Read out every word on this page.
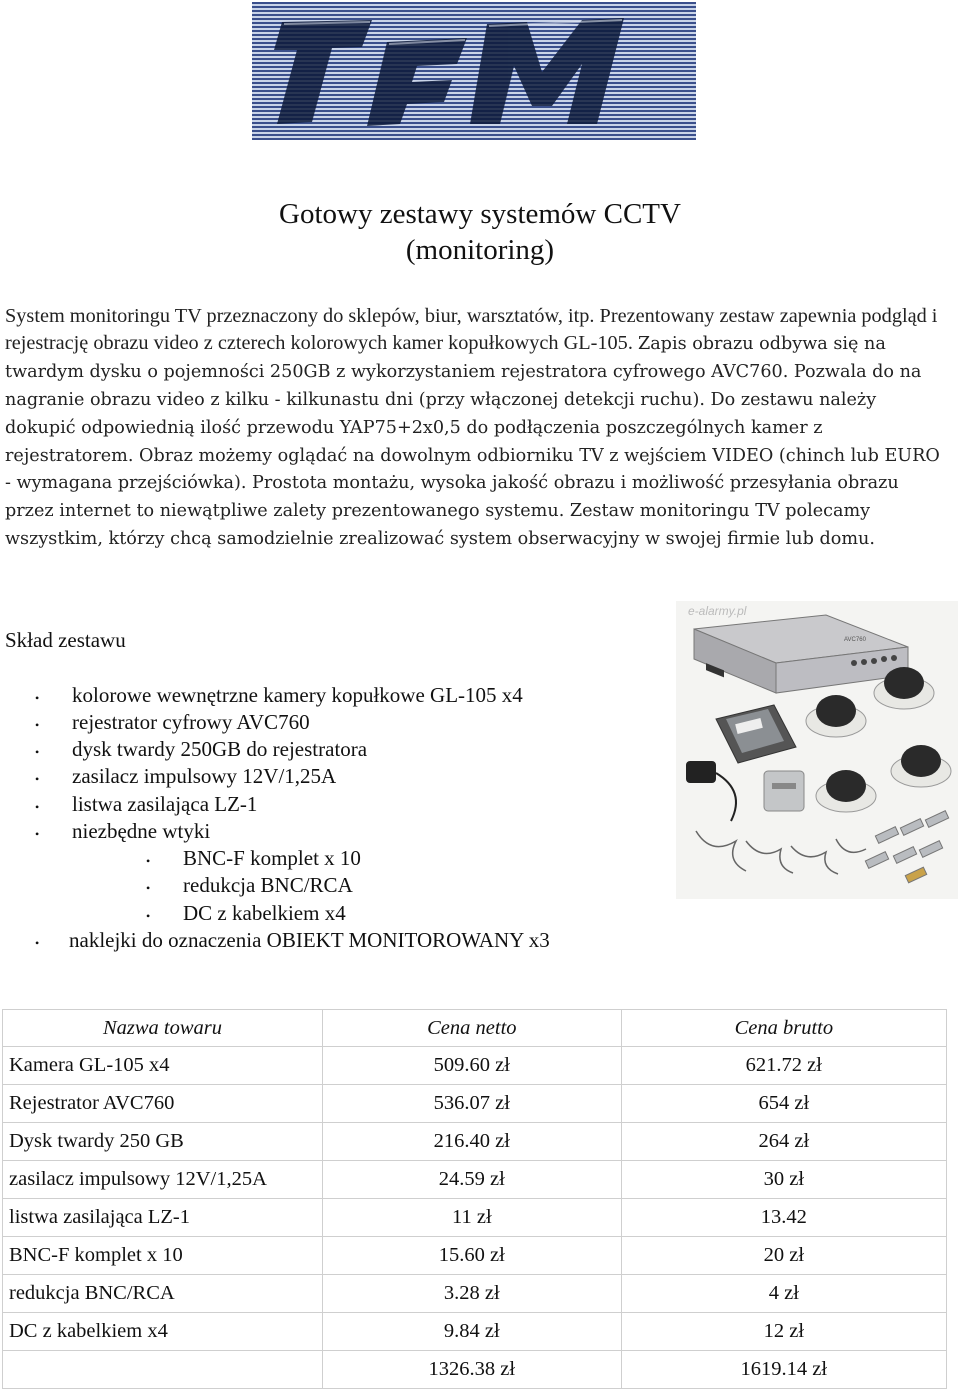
Gotowy zestawy systemów CCTV
(monitoring)
System monitoringu TV przeznaczony do sklepów, biur, warsztatów, itp. Prezentowany zestaw zapewnia podgląd i rejestrację obrazu video z czterech kolorowych kamer kopułkowych GL-105. Zapis obrazu odbywa się na twardym dysku o pojemności 250GB z wykorzystaniem rejestratora cyfrowego AVC760. Pozwala do na nagranie obrazu video z kilku - kilkunastu dni (przy włączonej detekcji ruchu). Do zestawu należy dokupić odpowiednią ilość przewodu YAP75+2x0,5 do podłączenia poszczególnych kamer z rejestratorem. Obraz możemy oglądać na dowolnym odbiorniku TV z wejściem VIDEO (chinch lub EURO - wymagana przejściówka). Prostota montażu, wysoka jakość obrazu i możliwość przesyłania obrazu przez internet to niewątpliwe zalety prezentowanego systemu. Zestaw monitoringu TV polecamy wszystkim, którzy chcą samodzielnie zrealizować system obserwacyjny w swojej firmie lub domu.
Skład zestawu
• kolorowe wewnętrzne kamery kopułkowe GL-105 x4
• rejestrator cyfrowy AVC760
• dysk twardy 250GB do rejestratora
• zasilacz impulsowy 12V/1,25A
• listwa zasilająca LZ-1
• niezbędne wtyki
• BNC-F komplet x 10
• redukcja BNC/RCA
• DC z kabelkiem x4
• naklejki do oznaczenia OBIEKT MONITOROWANY x3
AVC760
e-alarmy.pl
Nazwa towaru	Cena netto	Cena brutto
Kamera GL-105 x4	509.60 zł	621.72 zł
Rejestrator AVC760	536.07 zł	654 zł
Dysk twardy 250 GB	216.40 zł	264 zł
zasilacz impulsowy 12V/1,25A	24.59 zł	30 zł
listwa zasilająca LZ-1	11 zł	13.42
BNC-F komplet x 10	15.60 zł	20 zł
redukcja BNC/RCA	3.28 zł	4 zł
DC z kabelkiem x4	9.84 zł	12 zł
	1326.38 zł	1619.14 zł
